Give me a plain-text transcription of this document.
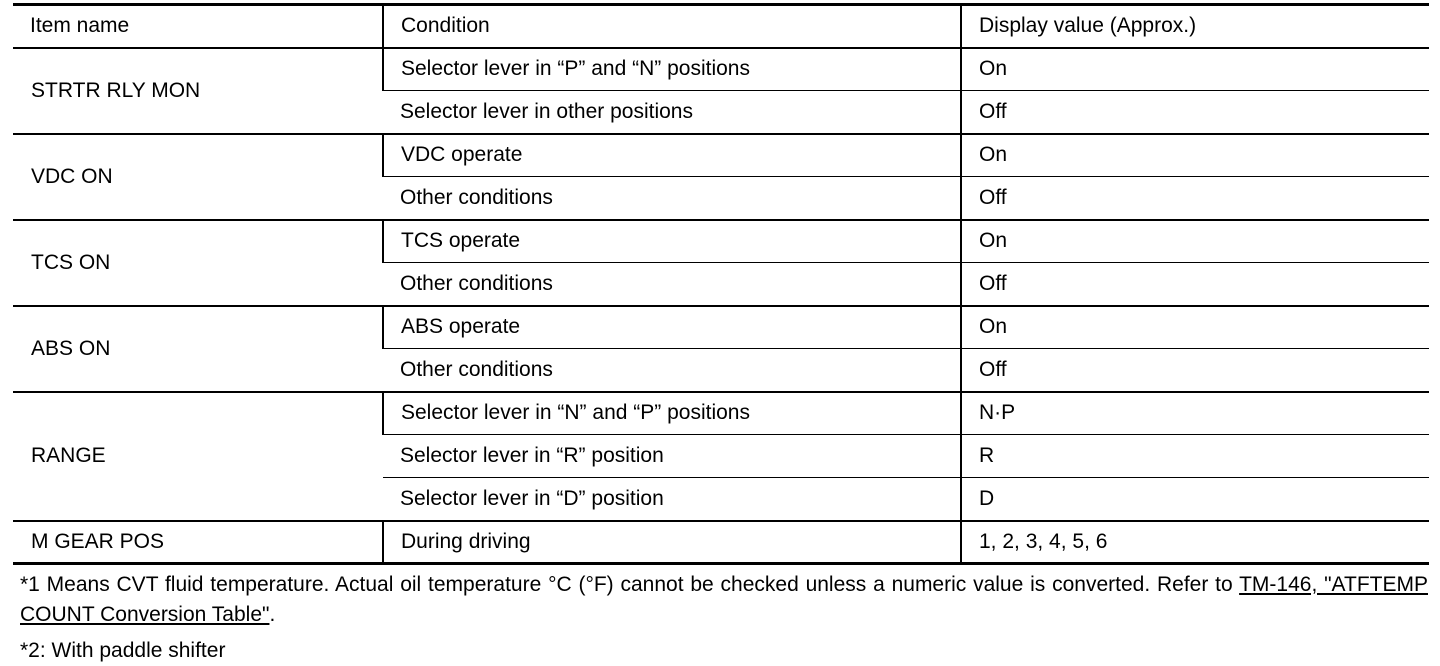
Item name	Condition	Display value (Approx.)
STRTR RLY MON	Selector lever in “P” and “N” positions	On
	Selector lever in other positions	Off
VDC ON	VDC operate	On
	Other conditions	Off
TCS ON	TCS operate	On
	Other conditions	Off
ABS ON	ABS operate	On
	Other conditions	Off
RANGE	Selector lever in “N” and “P” positions	N·P
	Selector lever in “R” position	R
	Selector lever in “D” position	D
M GEAR POS	During driving	1, 2, 3, 4, 5, 6
*1 Means CVT fluid temperature. Actual oil temperature °C (°F) cannot be checked unless a numeric value is converted. Refer to TM-146, "ATFTEMP COUNT Conversion Table".
*2: With paddle shifter
